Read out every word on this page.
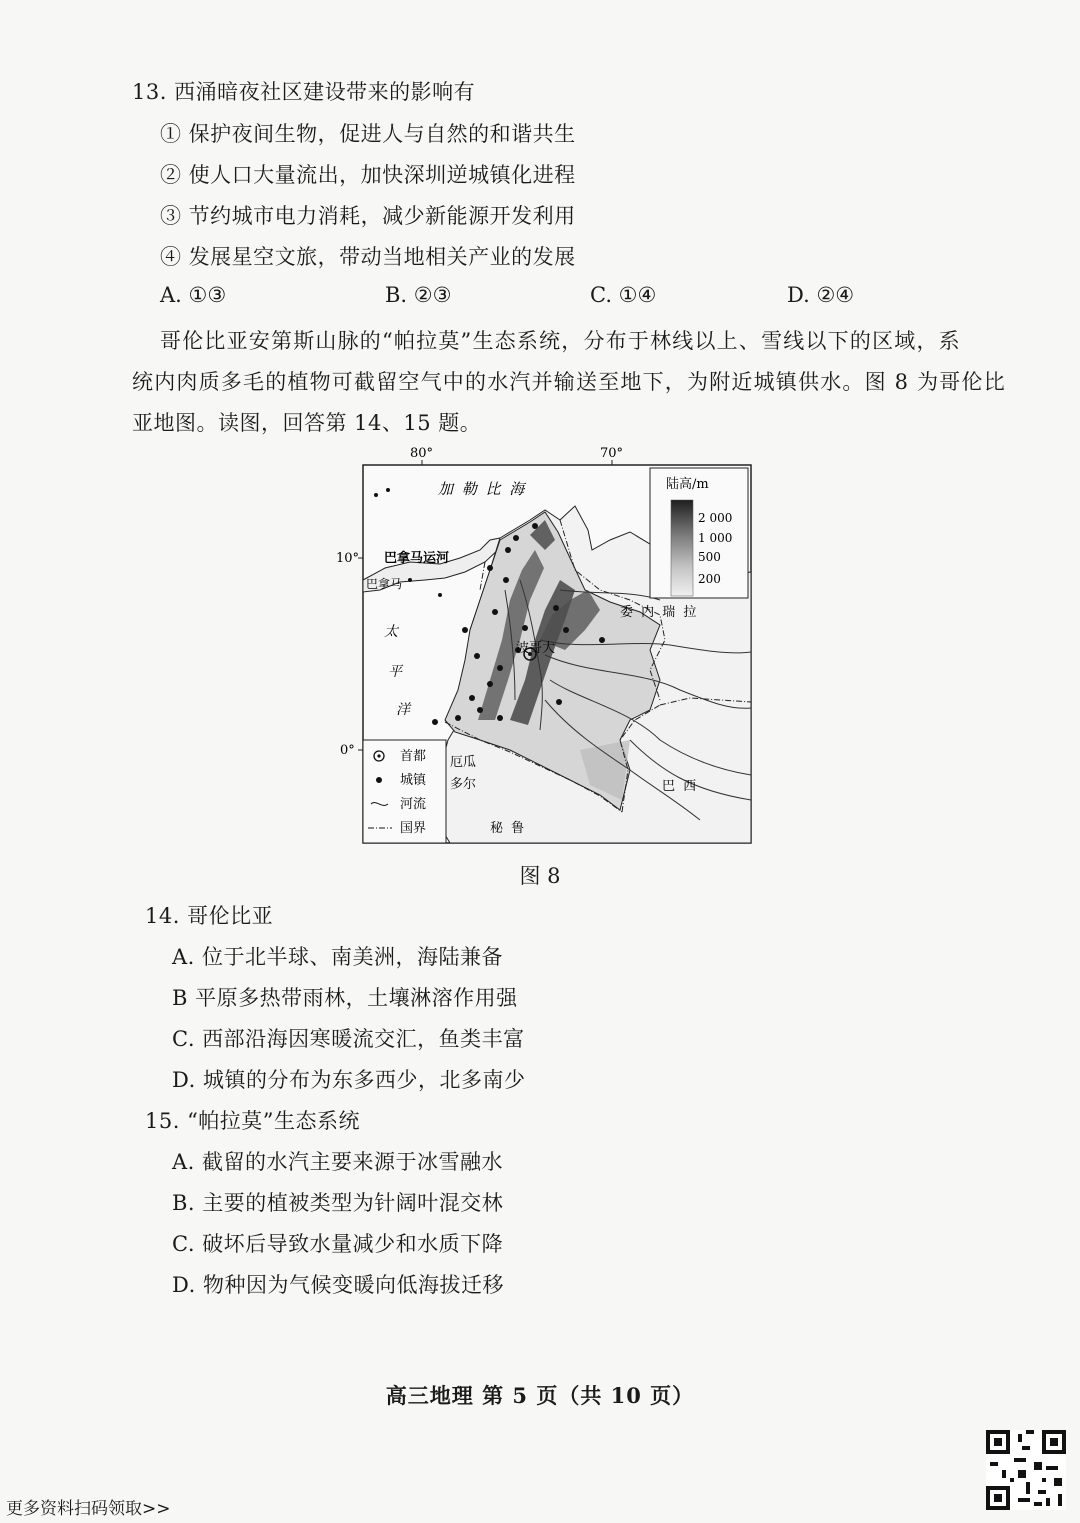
13. 西涌暗夜社区建设带来的影响有
① 保护夜间生物，促进人与自然的和谐共生
② 使人口大量流出，加快深圳逆城镇化进程
③ 节约城市电力消耗，减少新能源开发利用
④ 发展星空文旅，带动当地相关产业的发展
A. ①③	B. ②③	C. ①④	D. ②④
哥伦比亚安第斯山脉的“帕拉莫”生态系统，分布于林线以上、雪线以下的区域，系
统内肉质多毛的植物可截留空气中的水汽并输送至地下，为附近城镇供水。图 8 为哥伦比
亚地图。读图，回答第 14、15 题。
80°	70°
10°
0°
加 勒 比 海
巴拿马运河
巴拿马
太
平
洋
委 内 瑞 拉
波哥大
厄瓜
多尔
秘 鲁
巴 西
陆高/m
2 000
1 000
500
200
首都
城镇
河流
国界
图 8
14. 哥伦比亚
A. 位于北半球、南美洲，海陆兼备
B 平原多热带雨林，土壤淋溶作用强
C. 西部沿海因寒暖流交汇，鱼类丰富
D. 城镇的分布为东多西少，北多南少
15. “帕拉莫”生态系统
A. 截留的水汽主要来源于冰雪融水
B. 主要的植被类型为针阔叶混交林
C. 破坏后导致水量减少和水质下降
D. 物种因为气候变暖向低海拔迁移
高三地理 第 5 页（共 10 页）
更多资料扫码领取>>
